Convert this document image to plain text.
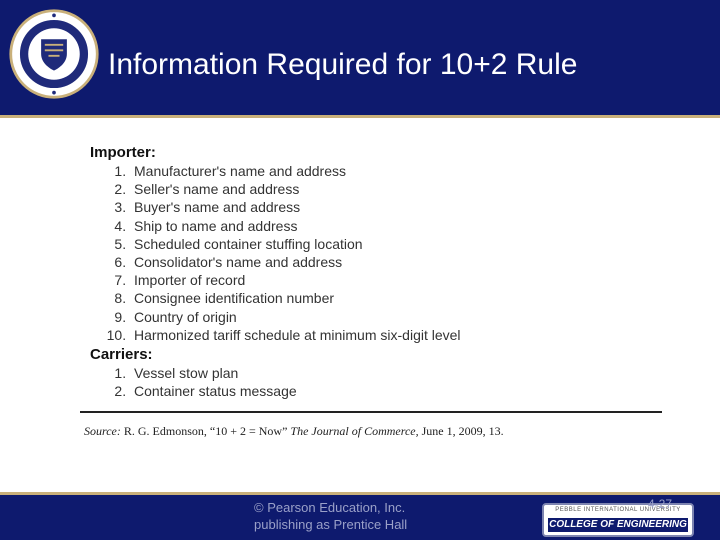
Information Required for 10+2 Rule
Importer:
1. Manufacturer's name and address
2. Seller's name and address
3. Buyer's name and address
4. Ship to name and address
5. Scheduled container stuffing location
6. Consolidator's name and address
7. Importer of record
8. Consignee identification number
9. Country of origin
10. Harmonized tariff schedule at minimum six-digit level
Carriers:
1. Vessel stow plan
2. Container status message
Source: R. G. Edmonson, “10 + 2 = Now” The Journal of Commerce, June 1, 2009, 13.
© Pearson Education, Inc.
publishing as Prentice Hall
PEBBLE INTERNATIONAL UNIVERSITY
COLLEGE OF ENGINEERING
4-27
